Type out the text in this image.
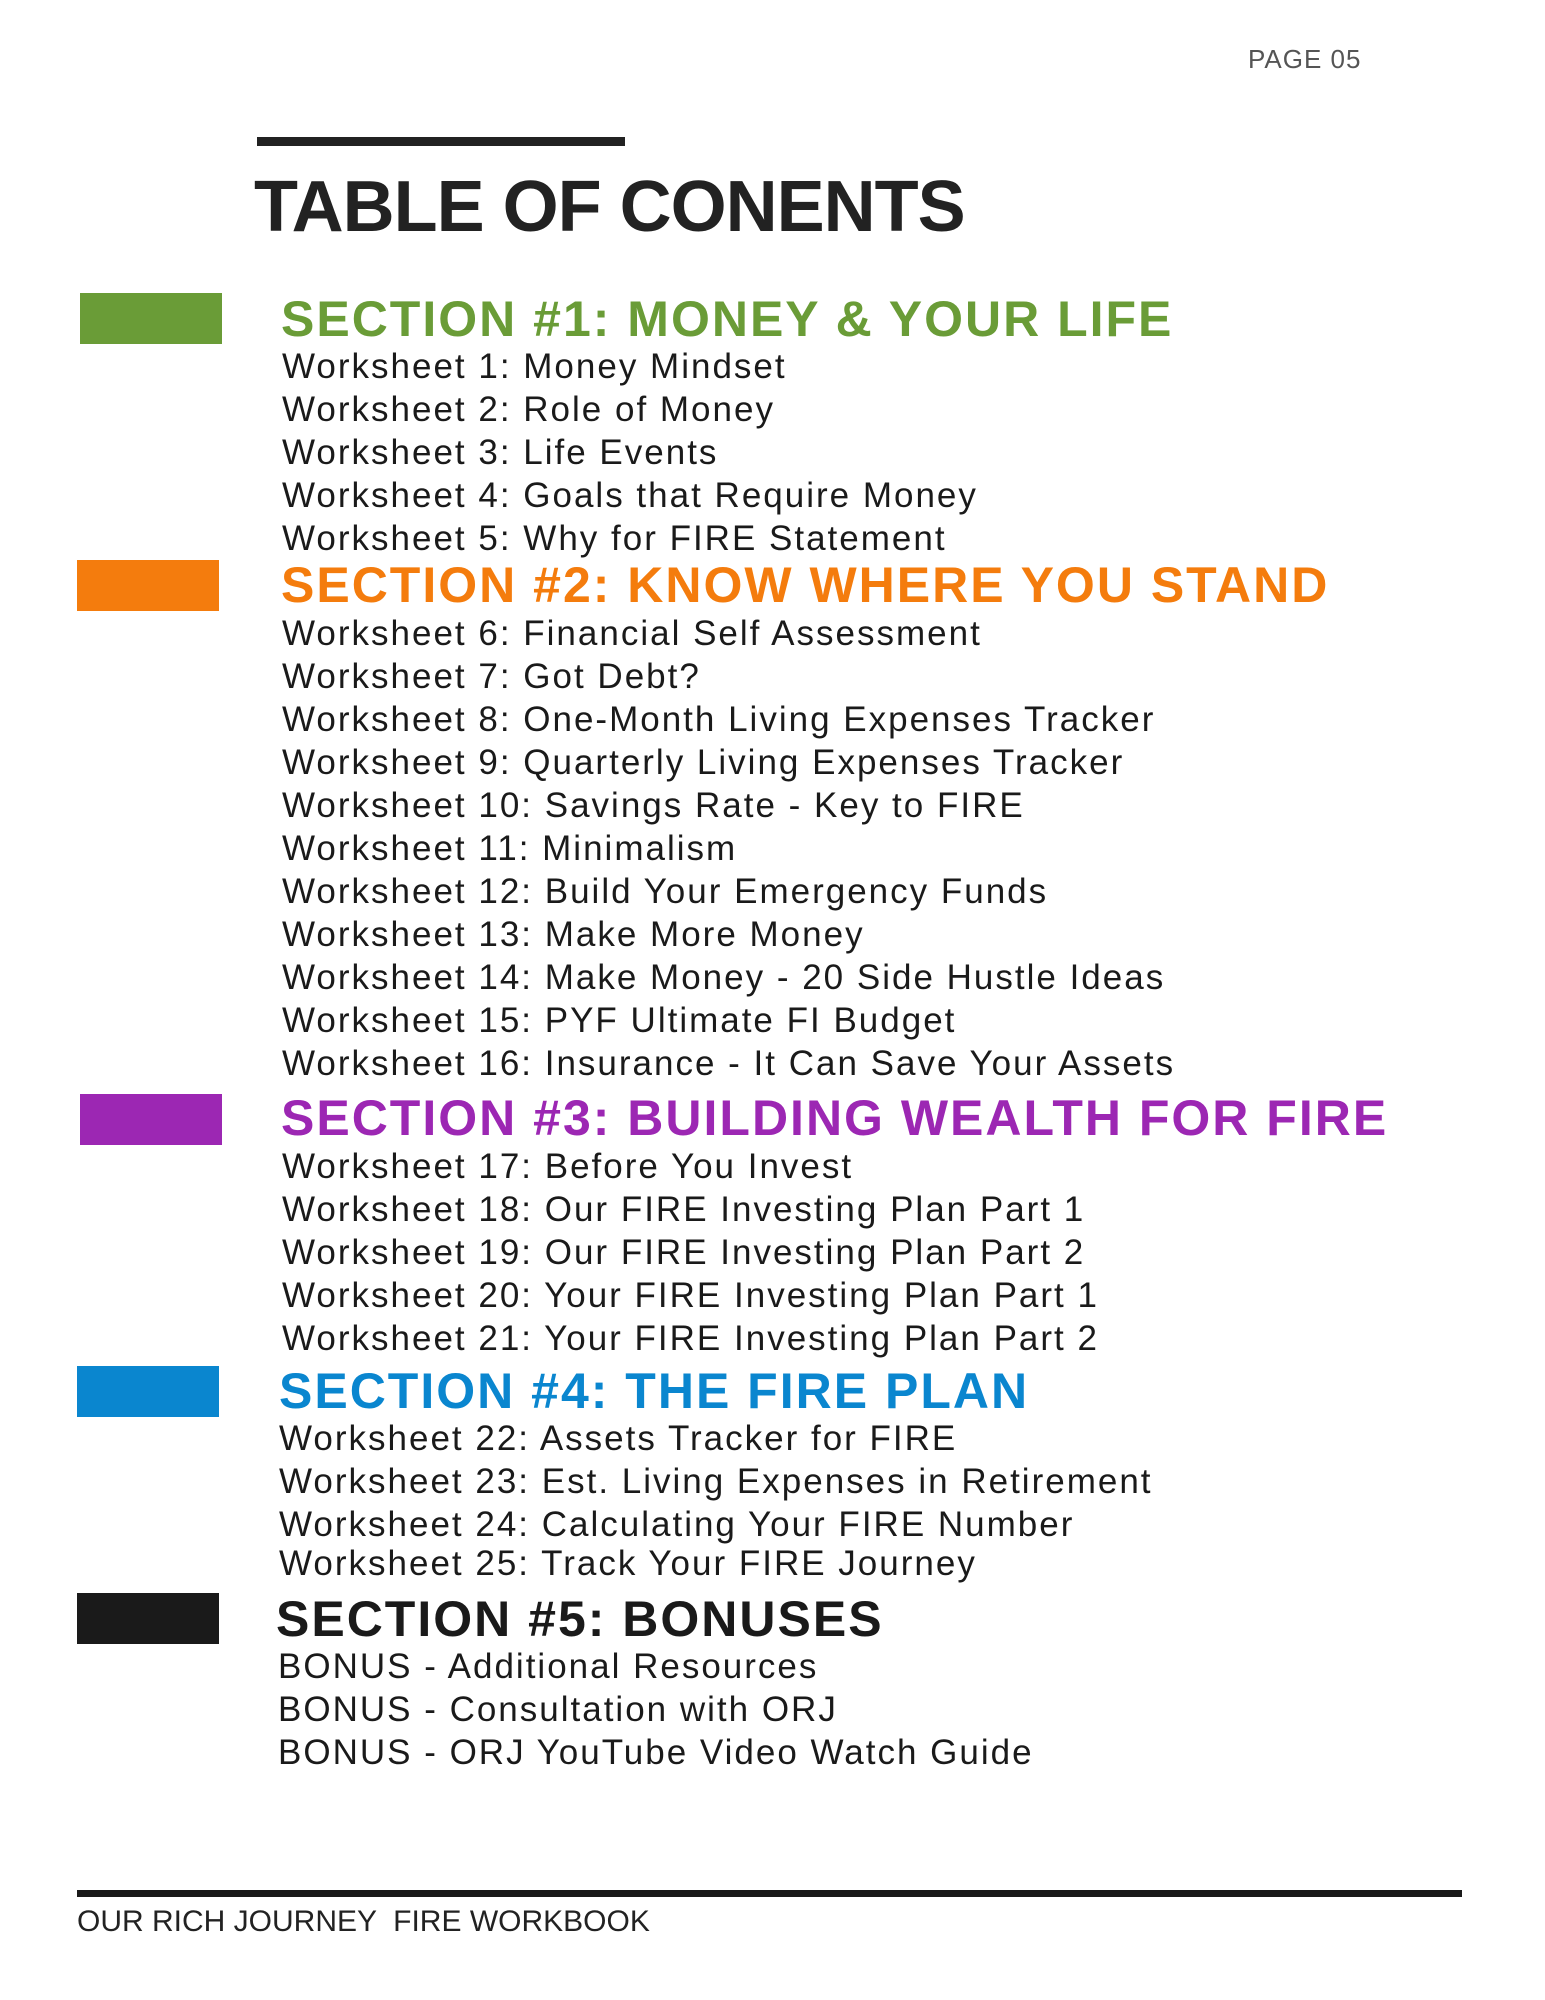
PAGE 05
TABLE OF CONENTS
SECTION #1: MONEY & YOUR LIFE
Worksheet 1: Money Mindset
Worksheet 2: Role of Money
Worksheet 3: Life Events
Worksheet 4: Goals that Require Money
Worksheet 5: Why for FIRE Statement
SECTION #2: KNOW WHERE YOU STAND
Worksheet 6: Financial Self Assessment
Worksheet 7: Got Debt?
Worksheet 8: One-Month Living Expenses Tracker
Worksheet 9: Quarterly Living Expenses Tracker
Worksheet 10: Savings Rate - Key to FIRE
Worksheet 11: Minimalism
Worksheet 12: Build Your Emergency Funds
Worksheet 13: Make More Money
Worksheet 14: Make Money - 20 Side Hustle Ideas
Worksheet 15: PYF Ultimate FI Budget
Worksheet 16: Insurance - It Can Save Your Assets
SECTION #3: BUILDING WEALTH FOR FIRE
Worksheet 17: Before You Invest
Worksheet 18: Our FIRE Investing Plan Part 1
Worksheet 19: Our FIRE Investing Plan Part 2
Worksheet 20: Your FIRE Investing Plan Part 1
Worksheet 21: Your FIRE Investing Plan Part 2
SECTION #4: THE FIRE PLAN
Worksheet 22: Assets Tracker for FIRE
Worksheet 23: Est. Living Expenses in Retirement
Worksheet 24: Calculating Your FIRE Number
Worksheet 25: Track Your FIRE Journey
SECTION #5: BONUSES
BONUS - Additional Resources
BONUS - Consultation with ORJ
BONUS - ORJ YouTube Video Watch Guide
OUR RICH JOURNEY  FIRE WORKBOOK
